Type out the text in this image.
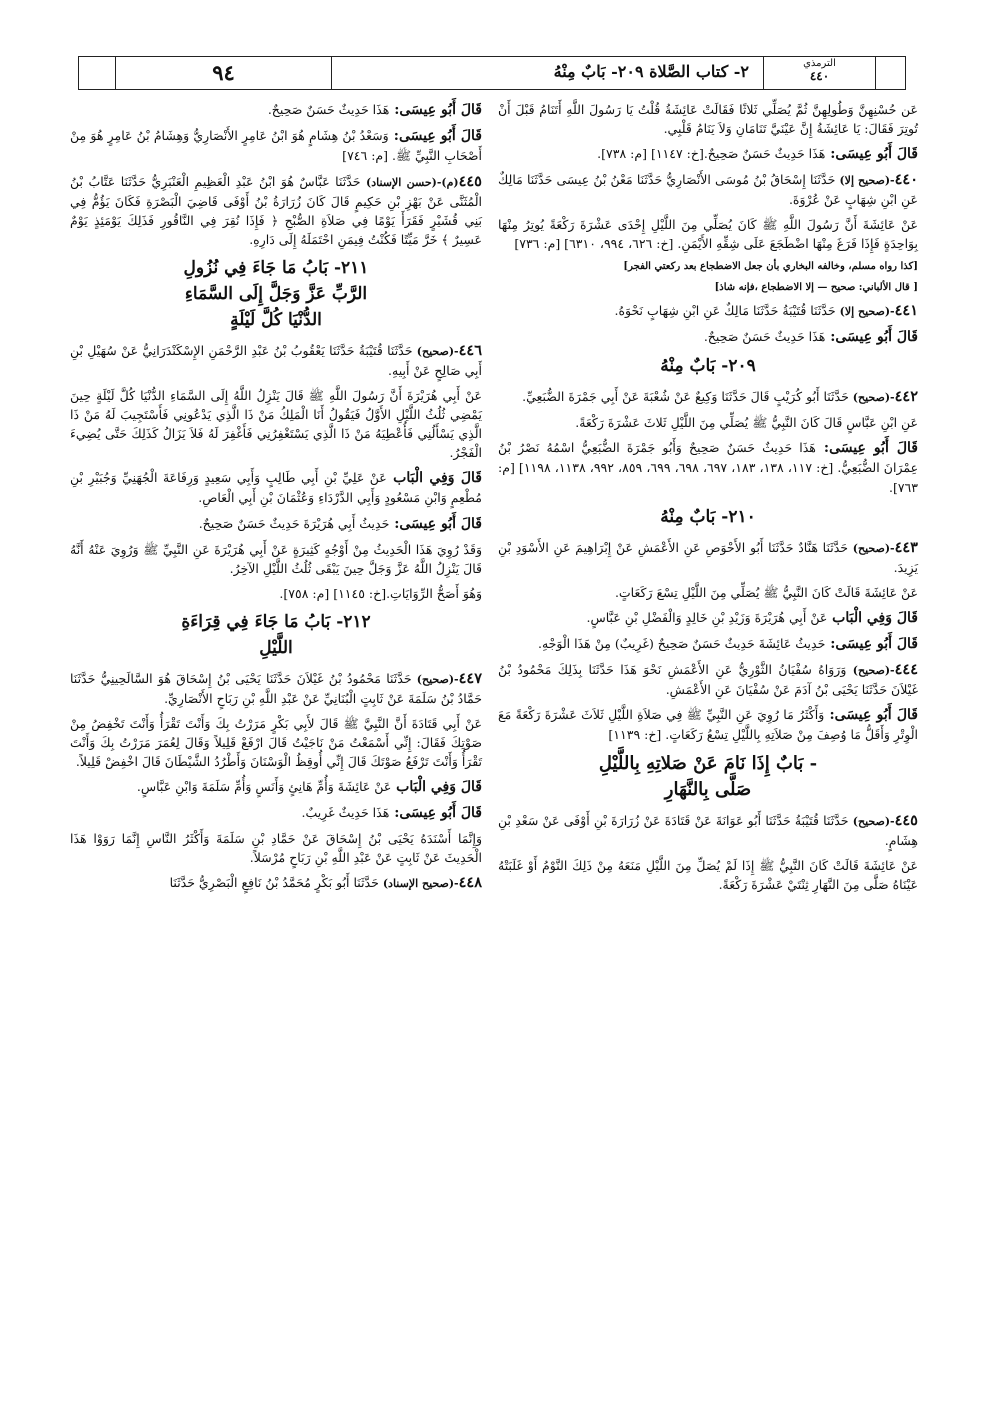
٩٤	٢- كتاب الصَّلاة ٢٠٩- بَابٌ مِنْهُ	الترمذي
٤٤٠

عَن حُسْنِهِنَّ وَطُولِهِنَّ ثُمَّ يُصَلِّي ثَلاثًا فَقَالَتْ عَائِشَةُ قُلْتُ يَا رَسُولَ اللَّهِ أَتَنَامُ قَبْلَ أَنْ تُوتِرَ فَقَالَ: يَا عَائِشَةُ إِنَّ عَيْنَيَّ تَنَامَانِ وَلاَ يَنَامُ قَلْبِي.

قَالَ أَبُو عِيسَى: هَذَا حَدِيثٌ حَسَنٌ صَحِيحٌ.[خ: ١١٤٧] [م: ٧٣٨].

٤٤٠-(صحيح إلا) حَدَّثَنَا إِسْحَاقُ بْنُ مُوسَى الأَنْصَارِيُّ حَدَّثَنَا مَعْنُ بْنُ عِيسَى حَدَّثَنَا مَالِكٌ عَنِ ابْنِ شِهَابٍ عَنْ عُرْوَةَ.

عَنْ عَائِشَةَ أَنَّ رَسُولَ اللَّهِ ﷺ كَانَ يُصَلِّي مِنَ اللَّيْلِ إِحْدَى عَشْرَةَ رَكْعَةً يُوتِرُ مِنْهَا بِوَاحِدَةٍ فَإِذَا فَرَغَ مِنْهَا اضْطَجَعَ عَلَى شِقِّهِ الأَيْمَنِ. [خ: ٦٢٦، ٩٩٤، ٦٣١٠] [م: ٧٣٦]

[كذا رواه مسلم، وخالفه البخاري بأن جعل الاضطجاع بعد ركعتي الفجر]

[ قال الألباني: صحيح — إلا الاضطجاع ،فإنه شاذ]

٤٤١-(صحيح إلا) حَدَّثَنَا قُتَيْبَةُ حَدَّثَنَا مَالِكٌ عَنِ ابْنِ شِهَابٍ نَحْوَهُ.

قَالَ أَبُو عِيسَى: هَذَا حَدِيثٌ حَسَنٌ صَحِيحٌ.

٢٠٩- بَابٌ مِنْهُ

٤٤٢-(صحيح) حَدَّثَنَا أَبُو كُرَيْبٍ قَالَ حَدَّثَنَا وَكِيعٌ عَنْ شُعْبَةَ عَنْ أَبِي جَمْرَةَ الضُّبَعِيِّ.

عَنِ ابْنِ عَبَّاسٍ قَالَ كَانَ النَّبِيُّ ﷺ يُصَلِّي مِنَ اللَّيْلِ ثَلاثَ عَشْرَةَ رَكْعَةً.

قَالَ أَبُو عِيسَى: هَذَا حَدِيثٌ حَسَنٌ صَحِيحٌ وَأَبُو جَمْرَةَ الضُّبَعِيُّ اسْمُهُ نَصْرُ بْنُ عِمْرَانَ الضُّبَعِيُّ. [خ: ١١٧، ١٣٨، ١٨٣، ٦٩٧، ٦٩٨، ٦٩٩، ٨٥٩، ٩٩٢، ١١٣٨، ١١٩٨] [م: ٧٦٣].

٢١٠- بَابٌ مِنْهُ

٤٤٣-(صحيح) حَدَّثَنَا هَنَّادٌ حَدَّثَنَا أَبُو الأَحْوَصِ عَنِ الأَعْمَشِ عَنْ إِبْرَاهِيمَ عَنِ الأَسْوَدِ بْنِ يَزِيدَ.

عَنْ عَائِشَةَ قَالَتْ كَانَ النَّبِيُّ ﷺ يُصَلِّي مِنَ اللَّيْلِ تِسْعَ رَكَعَاتٍ.

قَالَ وَفِي الْبَاب عَنْ أَبِي هُرَيْرَةَ وَزَيْدِ بْنِ خَالِدٍ وَالْفَضْلِ بْنِ عَبَّاسٍ.

قَالَ أَبُو عِيسَى: حَدِيثُ عَائِشَةَ حَدِيثٌ حَسَنٌ صَحِيحٌ (غَرِيبٌ) مِنْ هَذَا الْوَجْهِ.

٤٤٤-(صحيح) وَرَوَاهُ سُفْيَانُ الثَّوْرِيُّ عَنِ الأَعْمَشِ نَحْوَ هَذَا حَدَّثَنَا بِذَلِكَ مَحْمُودُ بْنُ غَيْلاَنَ حَدَّثَنَا يَحْيَى بْنُ آدَمَ عَنْ سُفْيَانَ عَنِ الأَعْمَشِ.

قَالَ أَبُو عِيسَى: وَأَكْثَرُ مَا رُوِيَ عَنِ النَّبِيِّ ﷺ فِي صَلاَةِ اللَّيْلِ ثَلاَثَ عَشْرَةَ رَكْعَةً مَعَ الْوِتْرِ وَأَقَلُّ مَا وُصِفَ مِنْ صَلاَتِهِ بِاللَّيْلِ تِسْعُ رَكَعَاتٍ. [خ: ١١٣٩]

- بَابٌ إِذَا نَامَ عَنْ صَلاتِهِ بِاللَّيْلِ
صَلَّى بِالنَّهَارِ

٤٤٥-(صحيح) حَدَّثَنَا قُتَيْبَةُ حَدَّثَنَا أَبُو عَوَانَةَ عَنْ قَتَادَةَ عَنْ زُرَارَةَ بْنِ أَوْفَى عَنْ سَعْدِ بْنِ هِشَامٍ.

عَنْ عَائِشَةَ قَالَتْ كَانَ النَّبِيُّ ﷺ إِذَا لَمْ يُصَلِّ مِنَ اللَّيْلِ مَنَعَهُ مِنْ ذَلِكَ النَّوْمُ أَوْ غَلَبَتْهُ عَيْنَاهُ صَلَّى مِنَ النَّهَارِ ثِنْتَيْ عَشْرَةَ رَكْعَةً.

قَالَ أَبُو عِيسَى: هَذَا حَدِيثٌ حَسَنٌ صَحِيحٌ.

قَالَ أَبُو عِيسَى: وَسَعْدُ بْنُ هِشَامٍ هُوَ ابْنُ عَامِرٍ الأَنْصَارِيُّ وَهِشَامُ بْنُ عَامِرٍ هُوَ مِنْ أَصْحَابِ النَّبِيِّ ﷺ. [م: ٧٤٦]

٤٤٥(م)-(حسن الإسناد) حَدَّثَنَا عَبَّاسٌ هُوَ ابْنُ عَبْدِ الْعَظِيمِ الْعَنْبَرِيُّ حَدَّثَنَا عَتَّابُ بْنُ الْمُثَنَّى عَنْ بَهْزِ بْنِ حَكِيمٍ قَالَ كَانَ زُرَارَةُ بْنُ أَوْفَى قَاضِيَ الْبَصْرَةِ فَكَانَ يَؤُمُّ فِي بَنِي قُشَيْرٍ فَقَرَأَ يَوْمًا فِي صَلاَةِ الصُّبْحِ ﴿ فَإِذَا نُقِرَ فِي النَّاقُورِ فَذَلِكَ يَوْمَئِذٍ يَوْمٌ عَسِيرٌ ﴾ خَرَّ مَيِّتًا فَكُنْتُ فِيمَنِ احْتَمَلَهُ إِلَى دَارِهِ.

٢١١- بَابُ مَا جَاءَ فِي نُزُولِ
الرَّبِّ عَزَّ وَجَلَّ إِلَى السَّمَاءِ
الدُّنْيَا كُلَّ لَيْلَةٍ

٤٤٦-(صحيح) حَدَّثَنَا قُتَيْبَةُ حَدَّثَنَا يَعْقُوبُ بْنُ عَبْدِ الرَّحْمَنِ الإِسْكَنْدَرَانِيُّ عَنْ سُهَيْلِ بْنِ أَبِي صَالِحٍ عَنْ أَبِيهِ.

عَنْ أَبِي هُرَيْرَةَ أَنَّ رَسُولَ اللَّهِ ﷺ قَالَ يَنْزِلُ اللَّهُ إِلَى السَّمَاءِ الدُّنْيَا كُلَّ لَيْلَةٍ حِينَ يَمْضِي ثُلُثُ اللَّيْلِ الأَوَّلُ فَيَقُولُ أَنَا الْمَلِكُ مَنْ ذَا الَّذِي يَدْعُونِي فَأَسْتَجِيبَ لَهُ مَنْ ذَا الَّذِي يَسْأَلُنِي فَأُعْطِيَهُ مَنْ ذَا الَّذِي يَسْتَغْفِرُنِي فَأَغْفِرَ لَهُ فَلاَ يَزَالُ كَذَلِكَ حَتَّى يُضِيءَ الْفَجْرُ.

قَالَ وَفِي الْبَاب عَنْ عَلِيِّ بْنِ أَبِي طَالِبٍ وَأَبِي سَعِيدٍ وَرِفَاعَةَ الْجُهَنِيِّ وَجُبَيْرِ بْنِ مُطْعِمٍ وَابْنِ مَسْعُودٍ وَأَبِي الدَّرْدَاءِ وَعُثْمَانَ بْنِ أَبِي الْعَاصِ.

قَالَ أَبُو عِيسَى: حَدِيثُ أَبِي هُرَيْرَةَ حَدِيثٌ حَسَنٌ صَحِيحٌ.

وَقَدْ رُوِيَ هَذَا الْحَدِيثُ مِنْ أَوْجُهٍ كَثِيرَةٍ عَنْ أَبِي هُرَيْرَةَ عَنِ النَّبِيِّ ﷺ وَرُوِيَ عَنْهُ أَنَّهُ قَالَ يَنْزِلُ اللَّهُ عَزَّ وَجَلَّ حِينَ يَبْقَى ثُلُثُ اللَّيْلِ الآخِرُ.

وَهُوَ أَصَحُّ الرِّوَايَاتِ.[خ: ١١٤٥] [م: ٧٥٨].

٢١٢- بَابُ مَا جَاءَ فِي قِرَاءَةِ
اللَّيْلِ

٤٤٧-(صحيح) حَدَّثَنَا مَحْمُودُ بْنُ غَيْلاَنَ حَدَّثَنَا يَحْيَى بْنُ إِسْحَاقَ هُوَ السَّالَحِينِيُّ حَدَّثَنَا حَمَّادُ بْنُ سَلَمَةَ عَنْ ثَابِتٍ الْبُنَانِيِّ عَنْ عَبْدِ اللَّهِ بْنِ رَبَاحٍ الأَنْصَارِيِّ.

عَنْ أَبِي قَتَادَةَ أَنَّ النَّبِيَّ ﷺ قَالَ لأَبِي بَكْرٍ مَرَرْتُ بِكَ وَأَنْتَ تَقْرَأُ وَأَنْتَ تَخْفِضُ مِنْ صَوْتِكَ فَقَالَ: إِنِّي أَسْمَعْتُ مَنْ نَاجَيْتُ قَالَ ارْفَعْ قَلِيلاً وَقَالَ لِعُمَرَ مَرَرْتُ بِكَ وَأَنْتَ تَقْرَأُ وَأَنْتَ تَرْفَعُ صَوْتَكَ قَالَ إِنِّي أُوقِظُ الْوَسْنَانَ وَأَطْرُدُ الشَّيْطَانَ قَالَ اخْفِضْ قَلِيلاً.

قَالَ وَفِي الْبَاب عَنْ عَائِشَةَ وَأُمِّ هَانِئٍ وَأَنَسٍ وَأُمِّ سَلَمَةَ وَابْنِ عَبَّاسٍ.

قَالَ أَبُو عِيسَى: هَذَا حَدِيثٌ غَرِيبٌ.

وَإِنَّمَا أَسْنَدَهُ يَحْيَى بْنُ إِسْحَاقَ عَنْ حَمَّادِ بْنِ سَلَمَةَ وَأَكْثَرُ النَّاسِ إِنَّمَا رَوَوْا هَذَا الْحَدِيثَ عَنْ ثَابِتٍ عَنْ عَبْدِ اللَّهِ بْنِ رَبَاحٍ مُرْسَلاً.

٤٤٨-(صحيح الإسناد) حَدَّثَنَا أَبُو بَكْرٍ مُحَمَّدُ بْنُ نَافِعٍ الْبَصْرِيُّ حَدَّثَنَا
